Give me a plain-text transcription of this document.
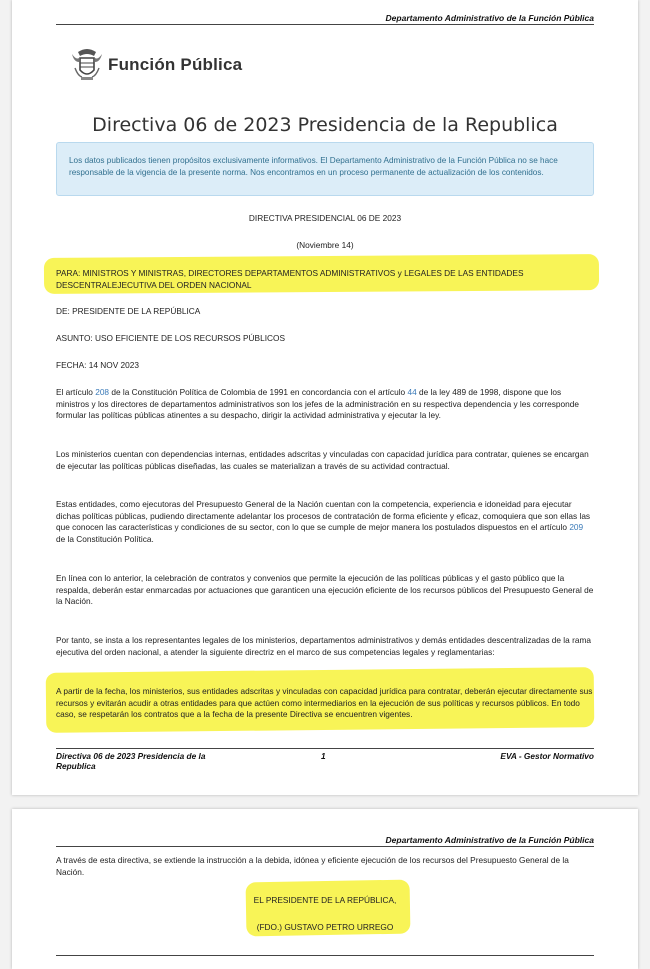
Departamento Administrativo de la Función Pública
Función Pública
Directiva 06 de 2023 Presidencia de la Republica
Los datos publicados tienen propósitos exclusivamente informativos. El Departamento Administrativo de la Función Pública no se hace responsable de la vigencia de la presente norma. Nos encontramos en un proceso permanente de actualización de los contenidos.
DIRECTIVA PRESIDENCIAL 06 DE 2023
(Noviembre 14)
PARA: MINISTROS Y MINISTRAS, DIRECTORES DEPARTAMENTOS ADMINISTRATIVOS y LEGALES DE LAS ENTIDADES DESCENTRALEJECUTIVA DEL ORDEN NACIONAL
DE: PRESIDENTE DE LA REPÚBLICA
ASUNTO: USO EFICIENTE DE LOS RECURSOS PÚBLICOS
FECHA: 14 NOV 2023
El artículo 208 de la Constitución Política de Colombia de 1991 en concordancia con el artículo 44 de la ley 489 de 1998, dispone que los ministros y los directores de departamentos administrativos son los jefes de la administración en su respectiva dependencia y les corresponde formular las políticas públicas atinentes a su despacho, dirigir la actividad administrativa y ejecutar la ley.
Los ministerios cuentan con dependencias internas, entidades adscritas y vinculadas con capacidad jurídica para contratar, quienes se encargan de ejecutar las políticas públicas diseñadas, las cuales se materializan a través de su actividad contractual.
Estas entidades, como ejecutoras del Presupuesto General de la Nación cuentan con la competencia, experiencia e idoneidad para ejecutar dichas políticas públicas, pudiendo directamente adelantar los procesos de contratación de forma eficiente y eficaz, comoquiera que son ellas las que conocen las características y condiciones de su sector, con lo que se cumple de mejor manera los postulados dispuestos en el artículo 209 de la Constitución Política.
En línea con lo anterior, la celebración de contratos y convenios que permite la ejecución de las políticas públicas y el gasto público que la respalda, deberán estar enmarcadas por actuaciones que garanticen una ejecución eficiente de los recursos públicos del Presupuesto General de la Nación.
Por tanto, se insta a los representantes legales de los ministerios, departamentos administrativos y demás entidades descentralizadas de la rama ejecutiva del orden nacional, a atender la siguiente directriz en el marco de sus competencias legales y reglamentarias:
A partir de la fecha, los ministerios, sus entidades adscritas y vinculadas con capacidad jurídica para contratar, deberán ejecutar directamente sus recursos y evitarán acudir a otras entidades para que actúen como intermediarios en la ejecución de sus políticas y recursos públicos. En todo caso, se respetarán los contratos que a la fecha de la presente Directiva se encuentren vigentes.
Directiva 06 de 2023 Presidencia de la Republica
1	EVA - Gestor Normativo
Departamento Administrativo de la Función Pública
A través de esta directiva, se extiende la instrucción a la debida, idónea y eficiente ejecución de los recursos del Presupuesto General de la Nación.
EL PRESIDENTE DE LA REPÚBLICA,
(FDO.) GUSTAVO PETRO URREGO
